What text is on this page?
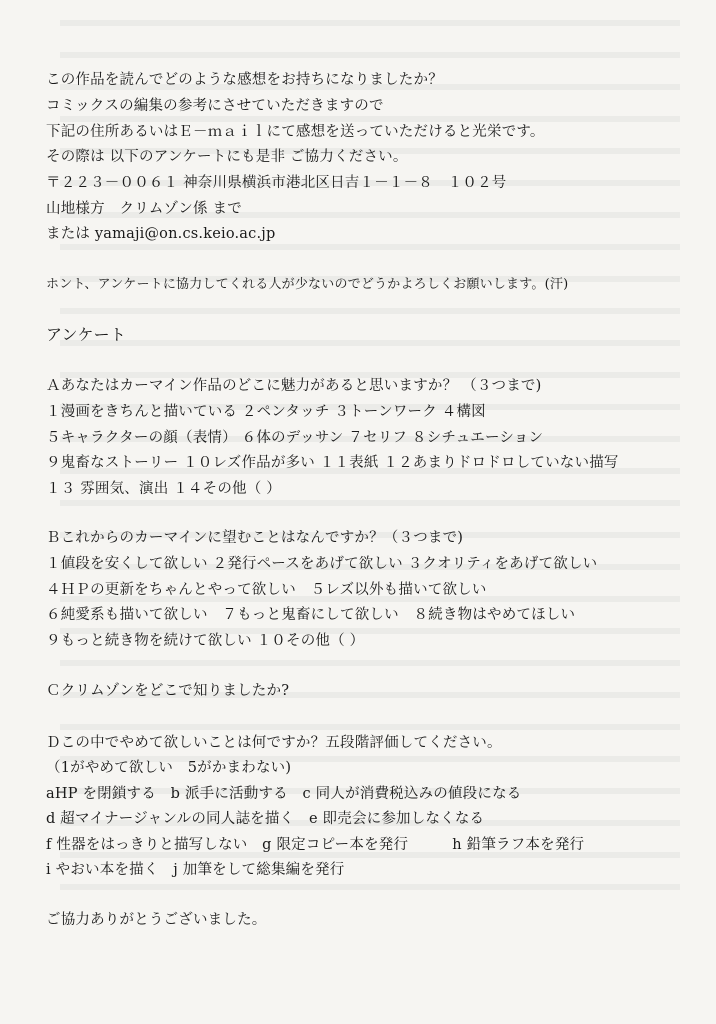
この作品を読んでどのような感想をお持ちになりましたか？
コミックスの編集の参考にさせていただきますので
下記の住所あるいはＥ－ｍａｉｌにて感想を送っていただけると光栄です。
その際は 以下のアンケートにも是非 ご協力ください。
〒２２３－００６１ 神奈川県横浜市港北区日吉１－１－８　１０２号
山地様方　クリムゾン係 まで
または yamaji@on.cs.keio.ac.jp
ホント、アンケートに協力してくれる人が少ないのでどうかよろしくお願いします。(汗)
アンケート
Ａあなたはカーマイン作品のどこに魅力があると思いますか？ （３つまで)
１漫画をきちんと描いている ２ペンタッチ ３トーンワーク ４構図
５キャラクターの顔（表情） ６体のデッサン ７セリフ ８シチュエーション
９鬼畜なストーリー １０レズ作品が多い １１表紙 １２あまりドロドロしていない描写
１３ 雰囲気、演出 １４その他（ ）
Ｂこれからのカーマインに望むことはなんですか？（３つまで)
１値段を安くして欲しい ２発行ペースをあげて欲しい ３クオリティをあげて欲しい
４ＨＰの更新をちゃんとやって欲しい　５レズ以外も描いて欲しい
６純愛系も描いて欲しい　７もっと鬼畜にして欲しい　８続き物はやめてほしい
９もっと続き物を続けて欲しい １０その他（ ）
Ｃクリムゾンをどこで知りましたか?
Ｄこの中でやめて欲しいことは何ですか？五段階評価してください。
（1がやめて欲しい　5がかまわない)
aHP を閉鎖する　b 派手に活動する　c 同人が消費税込みの値段になる
d 超マイナージャンルの同人誌を描く　e 即売会に参加しなくなる
f 性器をはっきりと描写しない　g 限定コピー本を発行　　　h 鉛筆ラフ本を発行
i やおい本を描く　j 加筆をして総集編を発行
ご協力ありがとうございました。
